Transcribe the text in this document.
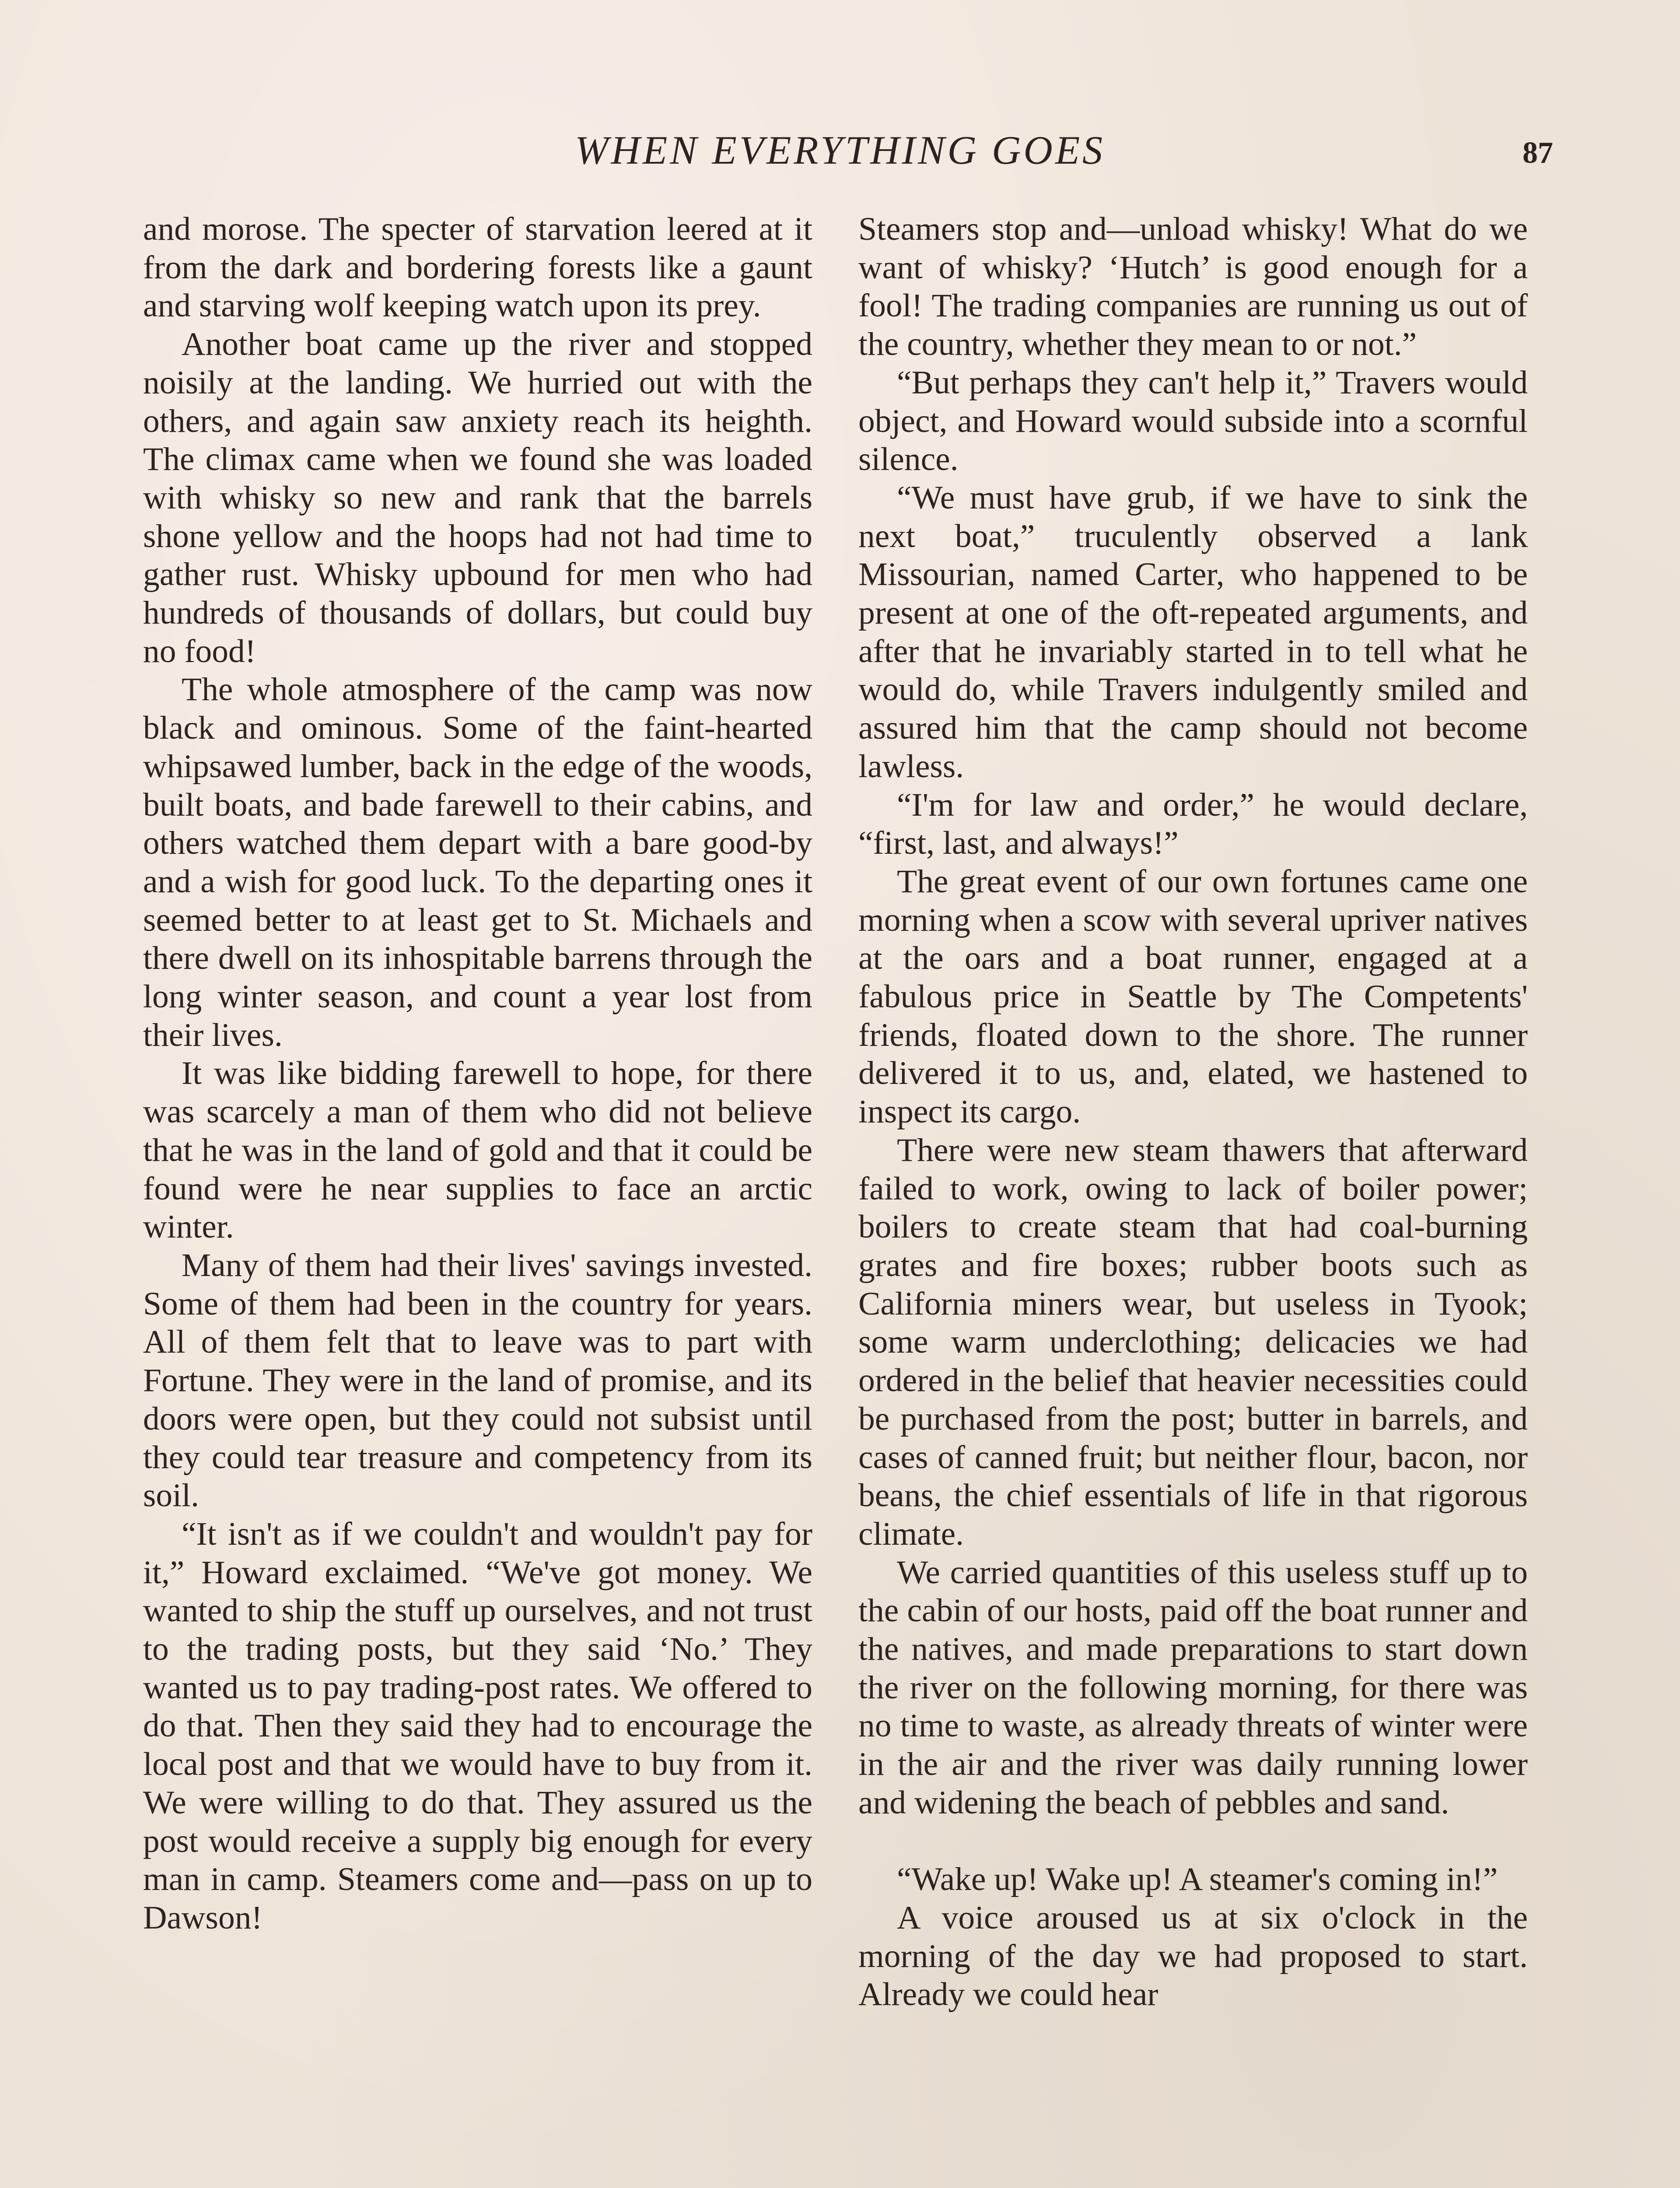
WHEN EVERYTHING GOES	87

and morose. The specter of starvation leered at it from the dark and bordering forests like a gaunt and starving wolf keeping watch upon its prey.

Another boat came up the river and stopped noisily at the landing. We hurried out with the others, and again saw anxiety reach its heighth. The climax came when we found she was loaded with whisky so new and rank that the barrels shone yellow and the hoops had not had time to gather rust. Whisky upbound for men who had hundreds of thousands of dollars, but could buy no food!

The whole atmosphere of the camp was now black and ominous. Some of the faint-hearted whipsawed lumber, back in the edge of the woods, built boats, and bade farewell to their cabins, and others watched them depart with a bare good-by and a wish for good luck. To the departing ones it seemed better to at least get to St. Michaels and there dwell on its inhospitable barrens through the long winter season, and count a year lost from their lives.

It was like bidding farewell to hope, for there was scarcely a man of them who did not believe that he was in the land of gold and that it could be found were he near supplies to face an arctic winter.

Many of them had their lives' savings invested. Some of them had been in the country for years. All of them felt that to leave was to part with Fortune. They were in the land of promise, and its doors were open, but they could not subsist until they could tear treasure and competency from its soil.

“It isn't as if we couldn't and wouldn't pay for it,” Howard exclaimed. “We've got money. We wanted to ship the stuff up ourselves, and not trust to the trading posts, but they said ‘No.’ They wanted us to pay trading-post rates. We offered to do that. Then they said they had to encourage the local post and that we would have to buy from it. We were willing to do that. They assured us the post would receive a supply big enough for every man in camp. Steamers come and—pass on up to Dawson!

Steamers stop and—unload whisky! What do we want of whisky? ‘Hutch’ is good enough for a fool! The trading companies are running us out of the country, whether they mean to or not.”

“But perhaps they can't help it,” Travers would object, and Howard would subside into a scornful silence.

“We must have grub, if we have to sink the next boat,” truculently observed a lank Missourian, named Carter, who happened to be present at one of the oft-repeated arguments, and after that he invariably started in to tell what he would do, while Travers indulgently smiled and assured him that the camp should not become lawless.

“I'm for law and order,” he would declare, “first, last, and always!”

The great event of our own fortunes came one morning when a scow with several upriver natives at the oars and a boat runner, engaged at a fabulous price in Seattle by The Competents' friends, floated down to the shore. The runner delivered it to us, and, elated, we hastened to inspect its cargo.

There were new steam thawers that afterward failed to work, owing to lack of boiler power; boilers to create steam that had coal-burning grates and fire boxes; rubber boots such as California miners wear, but useless in Tyook; some warm underclothing; delicacies we had ordered in the belief that heavier necessities could be purchased from the post; butter in barrels, and cases of canned fruit; but neither flour, bacon, nor beans, the chief essentials of life in that rigorous climate.

We carried quantities of this useless stuff up to the cabin of our hosts, paid off the boat runner and the natives, and made preparations to start down the river on the following morning, for there was no time to waste, as already threats of winter were in the air and the river was daily running lower and widening the beach of pebbles and sand.

“Wake up! Wake up! A steamer's coming in!”

A voice aroused us at six o'clock in the morning of the day we had proposed to start. Already we could hear
